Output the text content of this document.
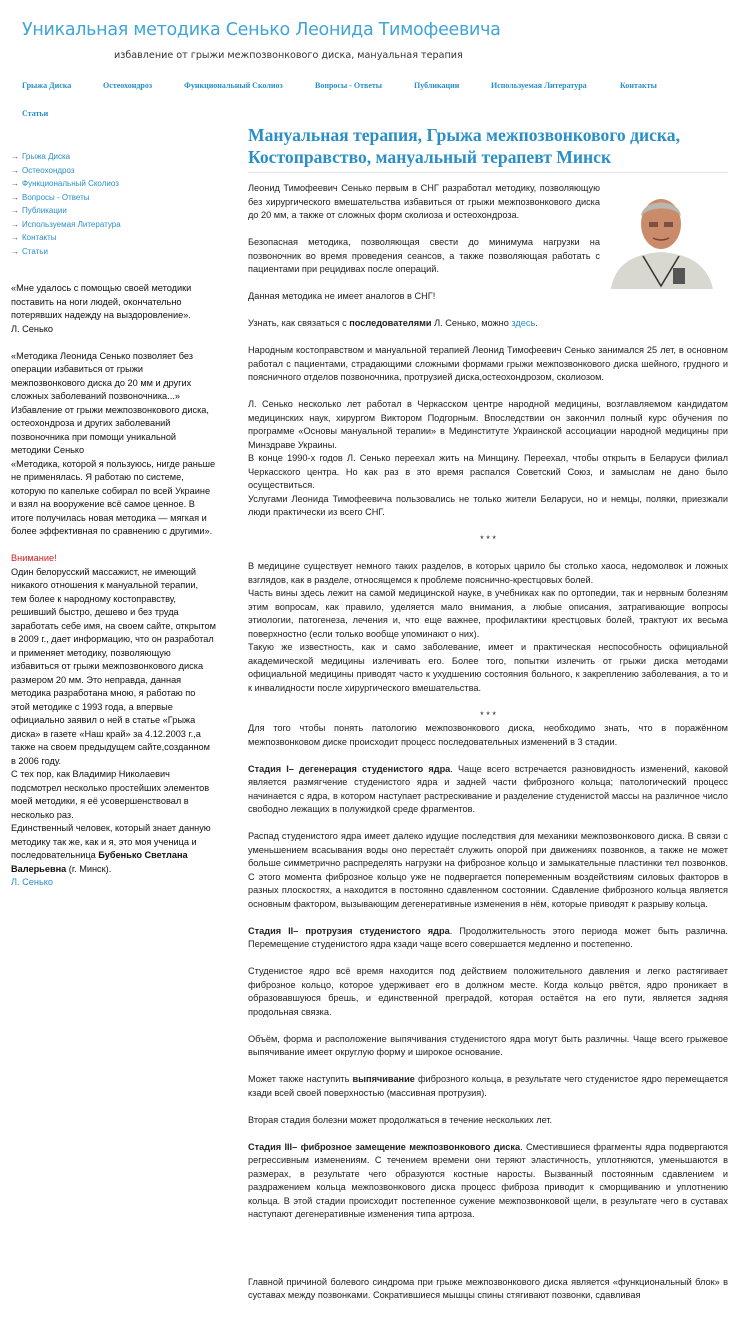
Уникальная методика Сенько Леонида Тимофеевича
избавление от грыжи межпозвонкового диска, мануальная терапия
Грыжа Диска	Остеохондроз	Функциональный Сколиоз	Вопросы - Ответы	Публикации	Используемая Литература	Контакты
Статьи
→ Грыжа Диска
→ Остеохондроз
→ Функциональный Сколиоз
→ Вопросы - Ответы
→ Публикации
→ Используемая Литература
→ Контакты
→ Статьи

«Мне удалось с помощью своей методики
поставить на ноги людей, окончательно
потерявших надежду на выздоровление».
Л. Сенько

«Методика Леонида Сенько позволяет без
операции избавиться от грыжи
межпозвонкового диска до 20 мм и других
сложных заболеваний позвоночника...»
Избавление от грыжи межпозвонкового диска,
остеохондроза и других заболеваний
позвоночника при помощи уникальной
методики Сенько
«Методика, которой я пользуюсь, нигде раньше
не применялась. Я работаю по системе,
которую по капельке собирал по всей Украине
и взял на вооружение всё самое ценное. В
итоге получилась новая методика — мягкая и
более эффективная по сравнению с другими».

Внимание!
Один белорусский массажист, не имеющий
никакого отношения к мануальной терапии,
тем более к народному костоправству,
решивший быстро, дешево и без труда
заработать себе имя, на своем сайте, открытом
в 2009 г., дает информацию, что он разработал
и применяет методику, позволяющую
избавиться от грыжи межпозвонкового диска
размером 20 мм. Это неправда, данная
методика разработана мною, я работаю по
этой методике с 1993 года, а впервые
официально заявил о ней в статье «Грыжа
диска» в газете «Наш край» за 4.12.2003 г.,а
также на своем предыдущем сайте,созданном
в 2006 году.
С тех пор, как Владимир Николаевич
подсмотрел несколько простейших элементов
моей методики, я её усовершенствовал в
несколько раз.
Единственный человек, который знает данную
методику так же, как и я, это моя ученица и
последовательница Бубенько Светлана
Валерьевна (г. Минск).
Л. Сенько
Мануальная терапия, Грыжа межпозвонкового диска, Костоправство, мануальный терапевт Минск

Леонид Тимофеевич Сенько первым в СНГ разработал методику, позволяющую без хирургического вмешательства избавиться от грыжи межпозвонкового диска до 20 мм, а также от сложных форм сколиоза и остеохондроза.

Безопасная методика, позволяющая свести до минимума нагрузки на позвоночник во время проведения сеансов, а также позволяющая работать с пациентами при рецидивах после операций.

Данная методика не имеет аналогов в СНГ!

Узнать, как связаться с последователями Л. Сенько, можно здесь.

Народным костоправством и мануальной терапией Леонид Тимофеевич Сенько занимался 25 лет, в основном работал с пациентами, страдающими сложными формами грыжи межпозвонкового диска шейного, грудного и поясничного отделов позвоночника, протрузией диска,остеохондрозом, сколиозом.

Л. Сенько несколько лет работал в Черкасском центре народной медицины, возглавляемом кандидатом медицинских наук, хирургом Виктором Подгорным. Впоследствии он закончил полный курс обучения по программе «Основы мануальной терапии» в Мединституте Украинской ассоциации народной медицины при Минздраве Украины.

В конце 1990-х годов Л. Сенько переехал жить на Минщину. Переехал, чтобы открыть в Беларуси филиал Черкасского центра. Но как раз в это время распался Советский Союз, и замыслам не дано было осуществиться.

Услугами Леонида Тимофеевича пользовались не только жители Беларуси, но и немцы, поляки, приезжали люди практически из всего СНГ.

* * *

В медицине существует немного таких разделов, в которых царило бы столько хаоса, недомолвок и ложных взглядов, как в разделе, относящемся к проблеме пояснично-крестцовых болей.

Часть вины здесь лежит на самой медицинской науке, в учебниках как по ортопедии, так и нервным болезням этим вопросам, как правило, уделяется мало внимания, а любые описания, затрагивающие вопросы этиологии, патогенеза, лечения и, что еще важнее, профилактики крестцовых болей, трактуют их весьма поверхностно (если только вообще упоминают о них).

Такую же известность, как и само заболевание, имеет и практическая неспособность официальной академической медицины излечивать его. Более того, попытки излечить от грыжи диска методами официальной медицины приводят часто к ухудшению состояния больного, к закреплению заболевания, а то и к инвалидности после хирургического вмешательства.

* * *

Для того чтобы понять патологию межпозвонкового диска, необходимо знать, что в поражённом межпозвонковом диске происходит процесс последовательных изменений в 3 стадии.

Стадия I– дегенерация студенистого ядра. Чаще всего встречается разновидность изменений, каковой является размягчение студенистого ядра и задней части фиброзного кольца; патологический процесс начинается с ядра, в котором наступает растрескивание и разделение студенистой массы на различное число свободно лежащих в полужидкой среде фрагментов.

Распад студенистого ядра имеет далеко идущие последствия для механики межпозвонкового диска. В связи с уменьшением всасывания воды оно перестаёт служить опорой при движениях позвонков, а также не может больше симметрично распределять нагрузки на фиброзное кольцо и замыкательные пластинки тел позвонков. С этого момента фиброзное кольцо уже не подвергается попеременным воздействиям силовых факторов в разных плоскостях, а находится в постоянно сдавленном состоянии. Сдавление фиброзного кольца является основным фактором, вызывающим дегенеративные изменения в нём, которые приводят к разрыву кольца.

Стадия II– протрузия студенистого ядра. Продолжительность этого периода может быть различна. Перемещение студенистого ядра кзади чаще всего совершается медленно и постепенно.

Студенистое ядро всё время находится под действием положительного давления и легко растягивает фиброзное кольцо, которое удерживает его в должном месте. Когда кольцо рвётся, ядро проникает в образовавшуюся брешь, и единственной преградой, которая остаётся на его пути, является задняя продольная связка.

Объём, форма и расположение выпячивания студенистого ядра могут быть различны. Чаще всего грыжевое выпячивание имеет округлую форму и широкое основание.

Может также наступить выпячивание фиброзного кольца, в результате чего студенистое ядро перемещается кзади всей своей поверхностью (массивная протрузия).

Вторая стадия болезни может продолжаться в течение нескольких лет.

Стадия III– фиброзное замещение межпозвонкового диска. Сместившиеся фрагменты ядра подвергаются регрессивным изменениям. С течением времени они теряют эластичность, уплотняются, уменьшаются в размерах, в результате чего образуются костные наросты. Вызванный постоянным сдавлением и раздражением кольца межпозвонкового диска процесс фиброза приводит к сморщиванию и уплотнению кольца. В этой стадии происходит постепенное сужение межпозвонковой щели, в результате чего в суставах наступают дегенеративные изменения типа артроза.

Главной причиной болевого синдрома при грыже межпозвонкового диска является «функциональный блок» в суставах между позвонками. Сократившиеся мышцы спины стягивают позвонки, сдавливая
